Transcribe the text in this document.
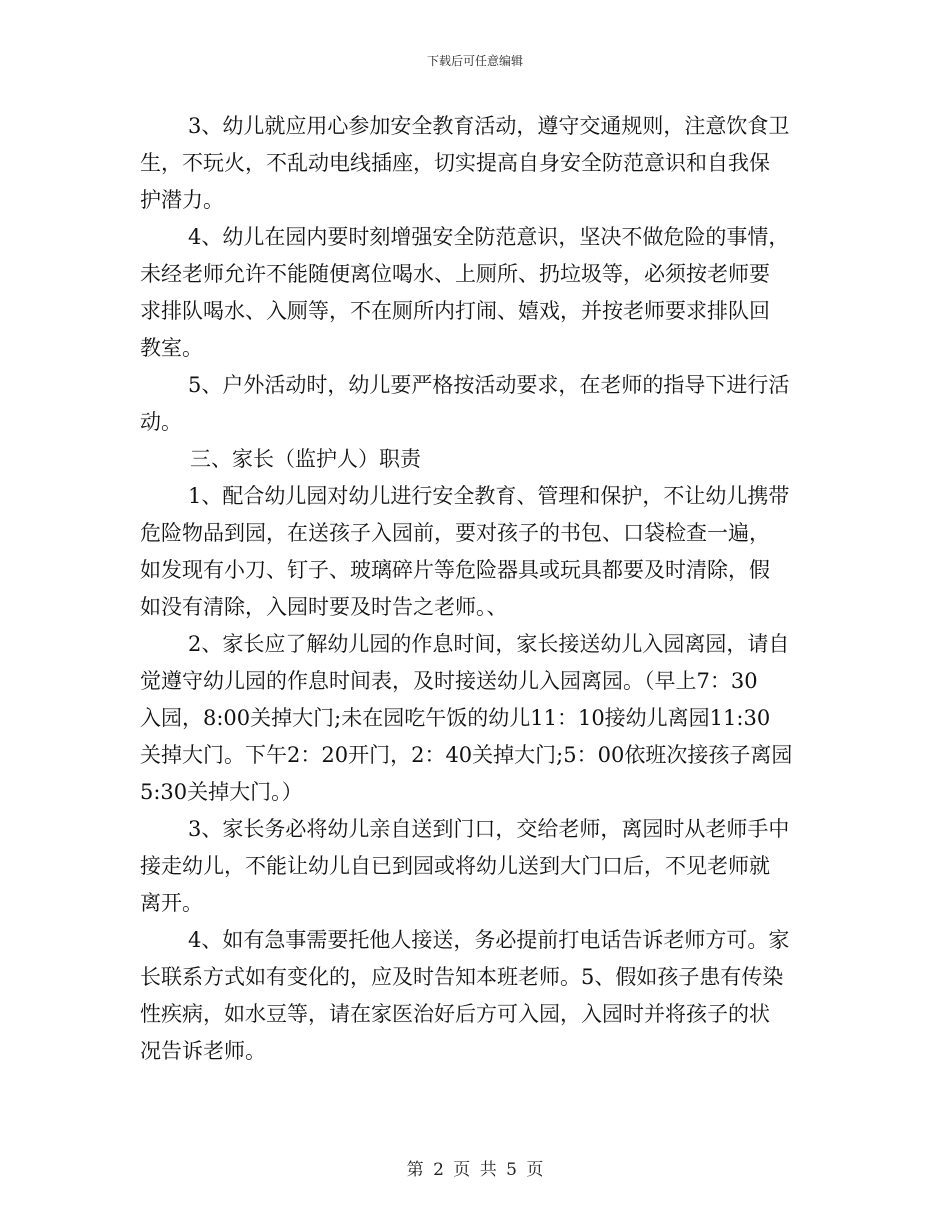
下载后可任意编辑
3、幼儿就应用心参加安全教育活动，遵守交通规则，注意饮食卫
生，不玩火，不乱动电线插座，切实提高自身安全防范意识和自我保
护潜力。
4、幼儿在园内要时刻增强安全防范意识，坚决不做危险的事情，
未经老师允许不能随便离位喝水、上厕所、扔垃圾等，必须按老师要
求排队喝水、入厕等，不在厕所内打闹、嬉戏，并按老师要求排队回
教室。
5、户外活动时，幼儿要严格按活动要求，在老师的指导下进行活
动。
三、家长（监护人）职责
1、配合幼儿园对幼儿进行安全教育、管理和保护，不让幼儿携带
危险物品到园，在送孩子入园前，要对孩子的书包、口袋检查一遍，
如发现有小刀、钉子、玻璃碎片等危险器具或玩具都要及时清除，假
如没有清除，入园时要及时告之老师。、
2、家长应了解幼儿园的作息时间，家长接送幼儿入园离园，请自
觉遵守幼儿园的作息时间表，及时接送幼儿入园离园。（早上7：30
入园，8:00关掉大门;未在园吃午饭的幼儿11：10接幼儿离园11:30
关掉大门。下午2：20开门，2：40关掉大门;5：00依班次接孩子离园
5:30关掉大门。）
3、家长务必将幼儿亲自送到门口，交给老师，离园时从老师手中
接走幼儿，不能让幼儿自已到园或将幼儿送到大门口后，不见老师就
离开。
4、如有急事需要托他人接送，务必提前打电话告诉老师方可。家
长联系方式如有变化的，应及时告知本班老师。5、假如孩子患有传染
性疾病，如水豆等，请在家医治好后方可入园，入园时并将孩子的状
况告诉老师。
第 2 页 共 5 页
